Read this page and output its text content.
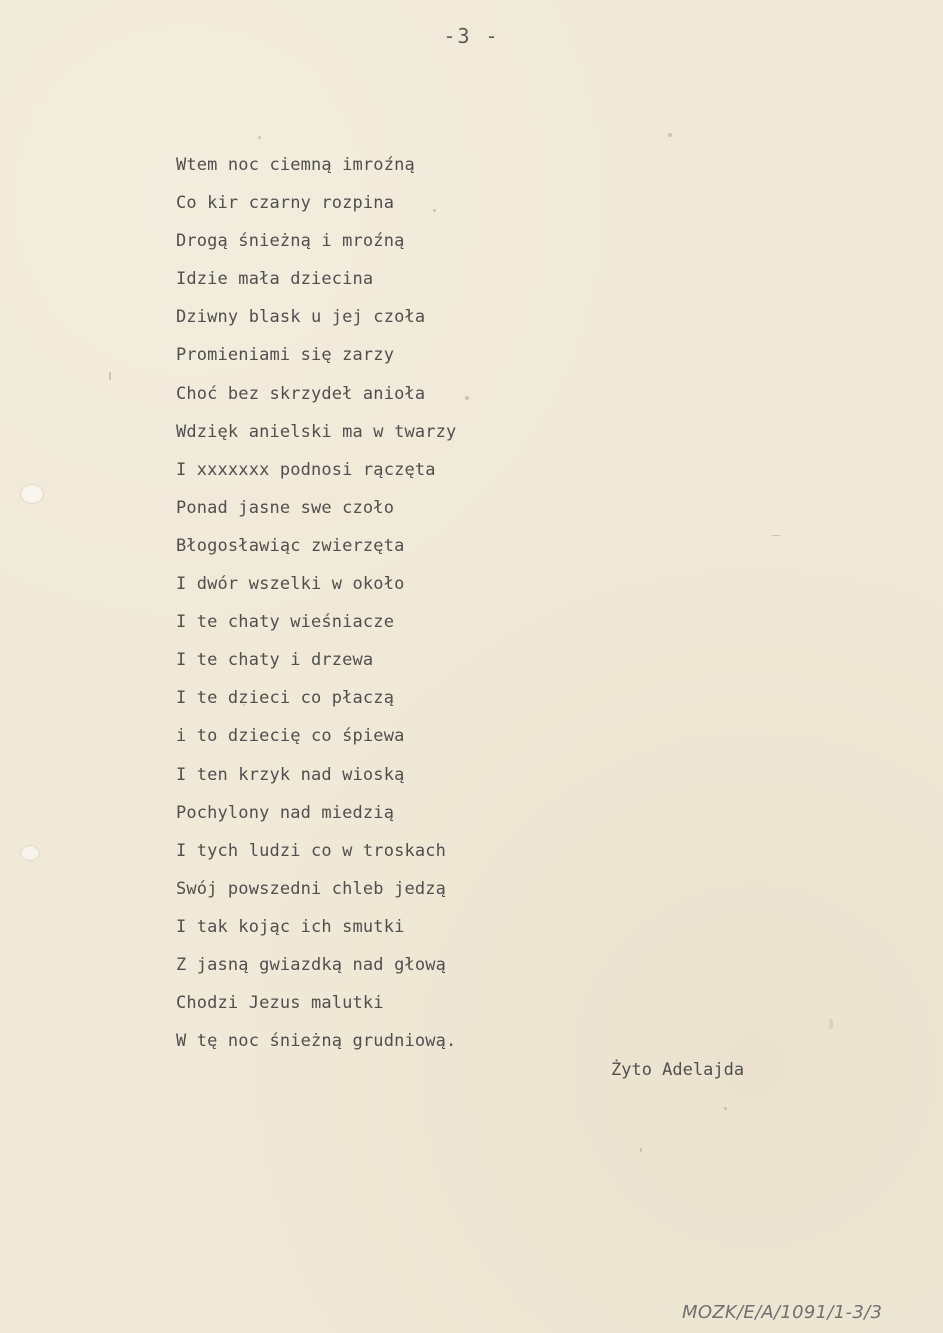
-3 -
Wtem noc ciemną imroźną
Co kir czarny rozpina
Drogą śnieżną i mroźną
Idzie mała dziecina
Dziwny blask u jej czoła
Promieniami się zarzy
Choć bez skrzydeł anioła
Wdzięk anielski ma w twarzy
I xxxxxxx podnosi rączęta
Ponad jasne swe czoło
Błogosławiąc zwierzęta
I dwór wszelki w około
I te chaty wieśniacze
I te chaty i drzewa
I te dzieci co płaczą
i to dziecię co śpiewa
I ten krzyk nad wioską
Pochylony nad miedzią
I tych ludzi co w troskach
Swój powszedni chleb jedzą
I tak kojąc ich smutki
Z jasną gwiazdką nad głową
Chodzi Jezus malutki
W tę noc śnieżną grudniową.
Żyto Adelajda
MOZK/E/A/1091/1-3/3
